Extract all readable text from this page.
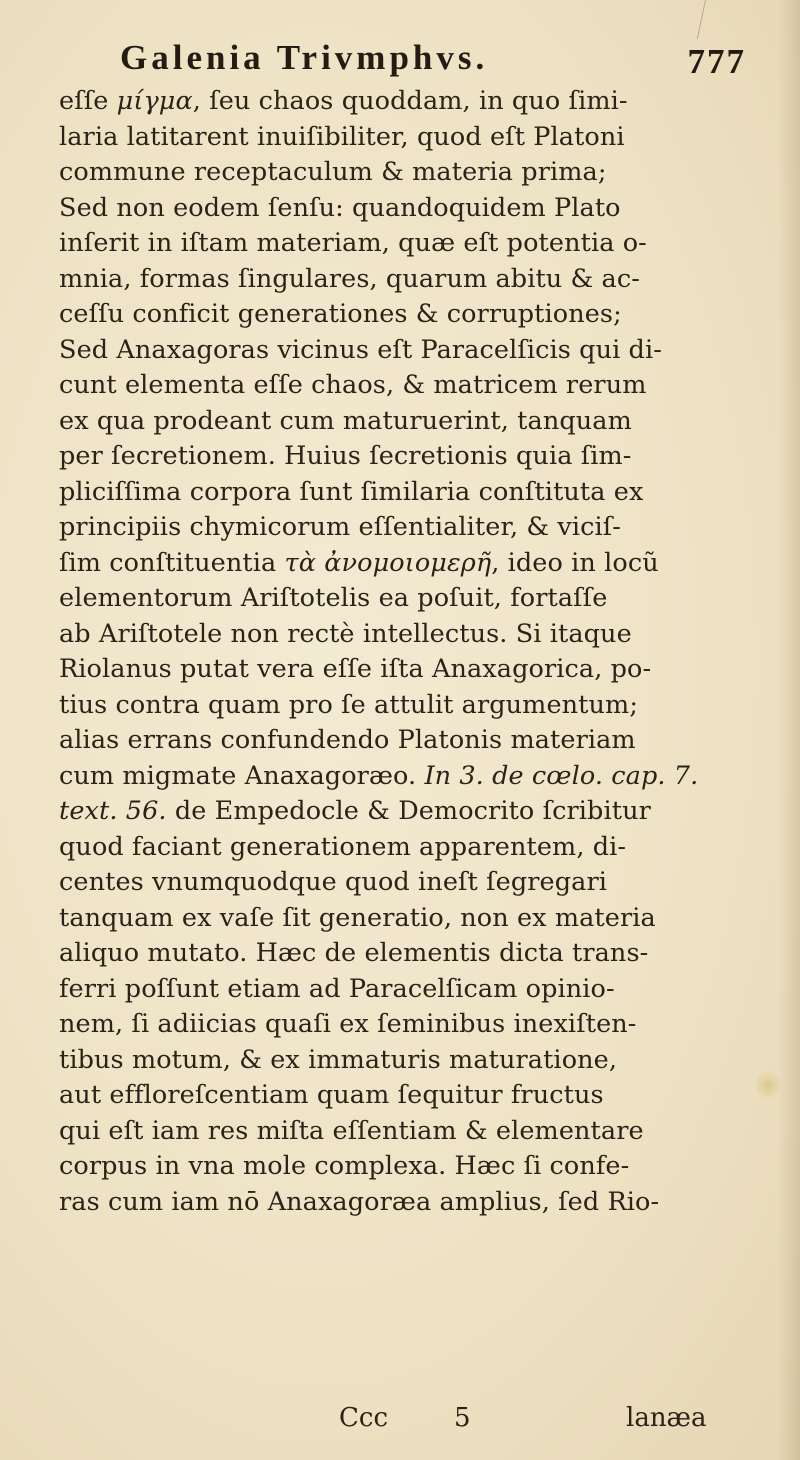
Galenia Trivmphvs.	777
eſſe μίγμα, ſeu chaos quoddam, in quo ſimi-
laria latitarent inuiſibiliter, quod eſt Platoni
commune receptaculum & materia prima;
Sed non eodem ſenſu: quandoquidem Plato
inſerit in iſtam materiam, quæ eſt potentia o-
mnia, formas ſingulares, quarum abitu & ac-
ceſſu conficit generationes & corruptiones;
Sed Anaxagoras vicinus eſt Paracelſicis qui di-
cunt elementa eſſe chaos, & matricem rerum
ex qua prodeant cum maturuerint, tanquam
per ſecretionem. Huius ſecretionis quia ſim-
pliciſſima corpora ſunt ſimilaria conſtituta ex
principiis chymicorum eſſentialiter, & vicіſ-
ſim conſtituentia τὰ ἀνομοιομερῆ, ideo in locũ
elementorum Ariſtotelis ea poſuit, fortaſſe
ab Ariſtotele non rectè intellectus. Si itaque
Riolanus putat vera eſſe iſta Anaxagorica, po-
tius contra quam pro ſe attulit argumentum;
alias errans confundendo Platonis materiam
cum migmate Anaxagoræo. In 3. de cœlo. cap. 7.
text. 56. de Empedocle & Democrito ſcribitur
quod faciant generationem apparentem, di-
centes vnumquodque quod ineſt ſegregari
tanquam ex vaſe ſit generatio, non ex materia
aliquo mutato. Hæc de elementis dicta trans-
ferri poſſunt etiam ad Paracelſicam opinio-
nem, ſi adiicias quaſi ex ſeminibus inexiſten-
tibus motum, & ex immaturis maturatione,
aut efflorеſcentiam quam ſequitur fructus
qui eſt iam res miſta eſſentiam & elementare
corpus in vna mole complexa. Hæc ſi confe-
ras cum iam nō Anaxagoræa amplius, ſed Rio-
Ccc	5	lanæa
